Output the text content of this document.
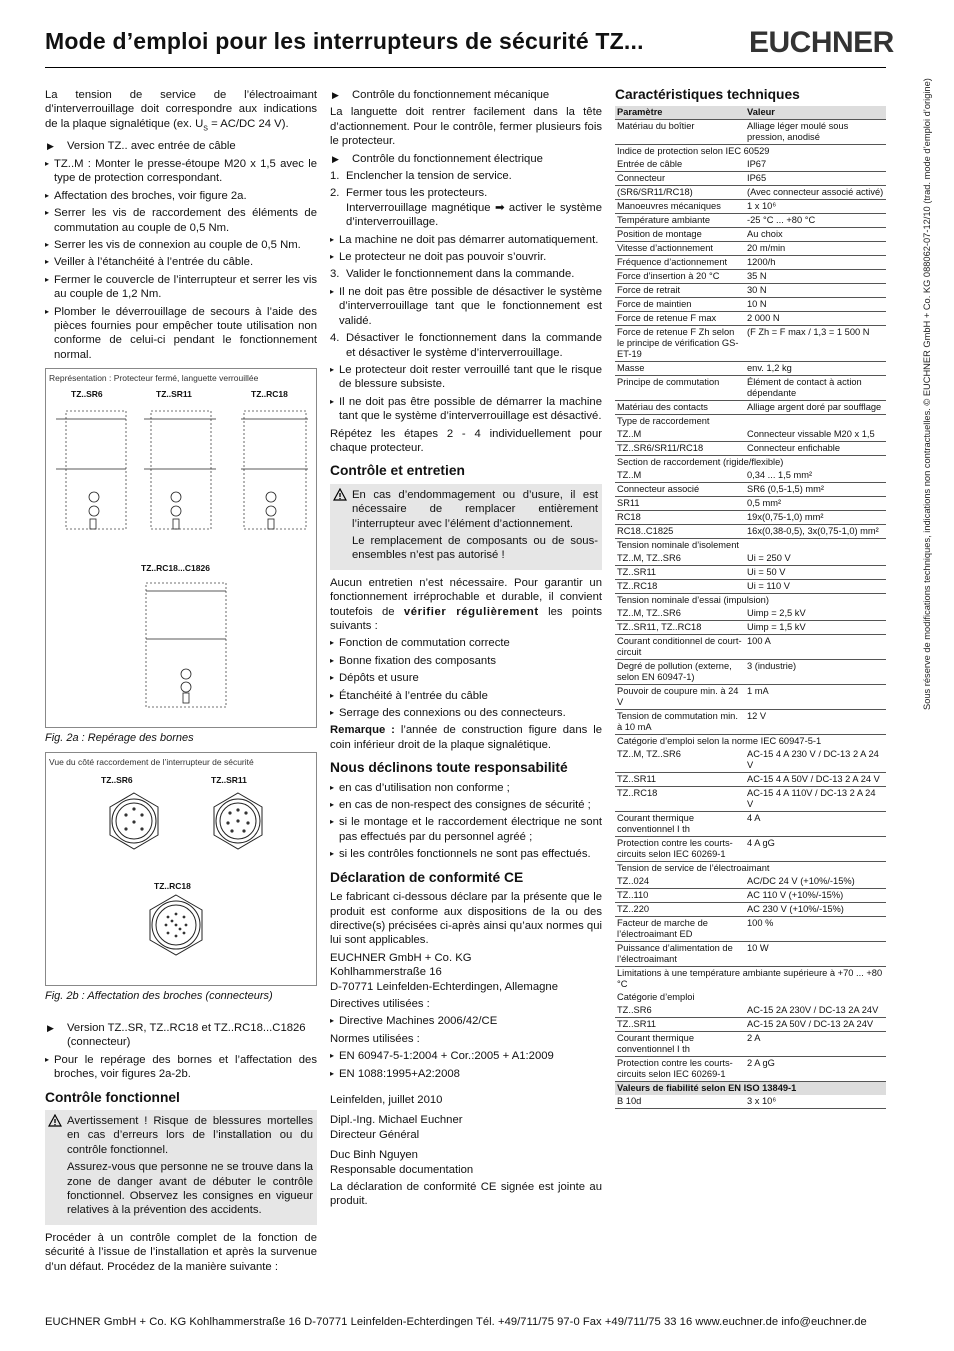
Mode d’emploi pour les interrupteurs de sécurité TZ...	EUCHNER
Sous réserve de modifications techniques, indications non contractuelles. © EUCHNER GmbH + Co. KG 088062-07-12/10 (trad. mode d’emploi d’origine)

La tension de service de l’électroaimant d’interverrouillage doit correspondre aux indications de la plaque signalétique (ex. $U_S = AC/DC$ 24 V).

▶ Version TZ.. avec entrée de câble
▸ TZ..M : Monter le presse-étoupe M20 x 1,5 avec le type de protection correspondant.
▸ Affectation des broches, voir figure 2a.
▸ Serrer les vis de raccordement des éléments de commutation au couple de 0,5 Nm.
▸ Serrer les vis de connexion au couple de 0,5 Nm.
▸ Veiller à l’étanchéité à l’entrée du câble.
▸ Fermer le couvercle de l’interrupteur et serrer les vis au couple de 1,2 Nm.
▸ Plomber le déverrouillage de secours à l’aide des pièces fournies pour empêcher toute utilisation non conforme de celui-ci pendant le fonctionnement normal.
Représentation : Protecteur fermé, languette verrouillée
TZ..SR6	TZ..SR11	TZ..RC18
TZ..RC18...C1826
Fig. 2a : Repérage des bornes
Vue du côté raccordement de l’interrupteur de sécurité
TZ..SR6	TZ..SR11
TZ..RC18
Fig. 2b : Affectation des broches (connecteurs)
▶ Version TZ..SR, TZ..RC18 et TZ..RC18...C1826 (connecteur)
▸ Pour le repérage des bornes et l’affectation des broches, voir figures 2a-2b.
Contrôle fonctionnel

Avertissement ! Risque de blessures mortelles en cas d’erreurs lors de l’installation ou du contrôle fonctionnel.

Assurez-vous que personne ne se trouve dans la zone de danger avant de débuter le contrôle fonctionnel. Observez les consignes en vigueur relatives à la prévention des accidents.

Procéder à un contrôle complet de la fonction de sécurité à l’issue de l’installation et après la survenue d’un défaut. Procédez de la manière suivante :

▶ Contrôle du fonctionnement mécanique

La languette doit rentrer facilement dans la tête d’actionnement. Pour le contrôle, fermer plusieurs fois le protecteur.

▶ Contrôle du fonctionnement électrique
1. Enclencher la tension de service.
2. Fermer tous les protecteurs.
Interverrouillage magnétique ➡ activer le système d’interverrouillage.
▸ La machine ne doit pas démarrer automatiquement.
▸ Le protecteur ne doit pas pouvoir s’ouvrir.
3. Valider le fonctionnement dans la commande.
▸ Il ne doit pas être possible de désactiver le système d’interverrouillage tant que le fonctionnement est validé.
4. Désactiver le fonctionnement dans la commande et désactiver le système d’interverrouillage.
▸ Le protecteur doit rester verrouillé tant que le risque de blessure subsiste.
▸ Il ne doit pas être possible de démarrer la machine tant que le système d’interverrouillage est désactivé.

Répétez les étapes 2 - 4 individuellement pour chaque protecteur.

Contrôle et entretien

En cas d’endommagement ou d’usure, il est nécessaire de remplacer entièrement l’interrupteur avec l’élément d’actionnement.

Le remplacement de composants ou de sous-ensembles n’est pas autorisé !

Aucun entretien n’est nécessaire. Pour garantir un fonctionnement irréprochable et durable, il convient toutefois de vérifier régulièrement les points suivants :

▸ Fonction de commutation correcte
▸ Bonne fixation des composants
▸ Dépôts et usure
▸ Étanchéité à l’entrée du câble
▸ Serrage des connexions ou des connecteurs.

Remarque : l’année de construction figure dans le coin inférieur droit de la plaque signalétique.

Nous déclinons toute responsabilité
▸ en cas d’utilisation non conforme ;
▸ en cas de non-respect des consignes de sécurité ;
▸ si le montage et le raccordement électrique ne sont pas effectués par du personnel agréé ;
▸ si les contrôles fonctionnels ne sont pas effectués.
Déclaration de conformité CE

Le fabricant ci-dessous déclare par la présente que le produit est conforme aux dispositions de la ou des directive(s) précisées ci-après ainsi qu’aux normes qui lui sont applicables.

EUCHNER GmbH + Co. KG
Kohlhammerstraße 16
D-70771 Leinfelden-Echterdingen, Allemagne
Directives utilisées :
▸ Directive Machines 2006/42/CE
Normes utilisées :
▸ EN 60947-5-1:2004 + Cor.:2005 + A1:2009
▸ EN 1088:1995+A2:2008
Leinfelden, juillet 2010
Dipl.-Ing. Michael Euchner
Directeur Général
Duc Binh Nguyen
Responsable documentation

La déclaration de conformité CE signée est jointe au produit.

Caractéristiques techniques
Paramètre	Valeur
Matériau du boîtier	Alliage léger moulé sous pression, anodisé
Indice de protection selon IEC 60529	
Entrée de câble	IP67
Connecteur	IP65
(SR6/SR11/RC18)	(Avec connecteur associé activé)
Manoeuvres mécaniques	1 x 10⁶
Température ambiante	-25 °C ... +80 °C
Position de montage	Au choix
Vitesse d’actionnement	20 m/min
Fréquence d’actionnement	1200/h
Force d’insertion à 20 °C	35 N
Force de retrait	30 N
Force de maintien	10 N
Force de retenue F max	2 000 N
Force de retenue F Zh selon le principe de vérification GS-ET-19	(F Zh = F max / 1,3 = 1 500 N
Masse	env. 1,2 kg
Principe de commutation	Élément de contact à action dépendante
Matériau des contacts	Alliage argent doré par soufflage
Type de raccordement	
TZ..M	Connecteur vissable M20 x 1,5
TZ..SR6/SR11/RC18	Connecteur enfichable
Section de raccordement (rigide/flexible)	
TZ..M	0,34 ... 1,5 mm²
Connecteur associé	SR6 (0,5-1,5) mm²
SR11	0,5 mm²
RC18	19x(0,75-1,0) mm²
RC18..C1825	16x(0,38-0,5), 3x(0,75-1,0) mm²
Tension nominale d’isolement	
TZ..M, TZ..SR6	Ui = 250 V
TZ..SR11	Ui = 50 V
TZ..RC18	Ui = 110 V
Tension nominale d’essai (impulsion)	
TZ..M, TZ..SR6	Uimp = 2,5 kV
TZ..SR11, TZ..RC18	Uimp = 1,5 kV
Courant conditionnel de court-circuit	100 A
Degré de pollution (externe, selon EN 60947-1)	3 (industrie)
Pouvoir de coupure min. à 24 V	1 mA
Tension de commutation min. à 10 mA	12 V
Catégorie d’emploi selon la norme IEC 60947-5-1	
TZ..M, TZ..SR6	AC-15 4 A 230 V / DC-13 2 A 24 V
TZ..SR11	AC-15 4 A 50V / DC-13 2 A 24 V
TZ..RC18	AC-15 4 A 110V / DC-13 2 A 24 V
Courant thermique conventionnel I th	4 A
Protection contre les courts-circuits selon IEC 60269-1	4 A gG
Tension de service de l’électroaimant	
TZ..024	AC/DC 24 V (+10%/-15%)
TZ..110	AC 110 V (+10%/-15%)
TZ..220	AC 230 V (+10%/-15%)
Facteur de marche de l’électroaimant ED	100 %
Puissance d’alimentation de l’électroaimant	10 W
Limitations à une température ambiante supérieure à +70 ... +80 °C	
Catégorie d’emploi	
TZ..SR6	AC-15 2A 230V / DC-13 2A 24V
TZ..SR11	AC-15 2A 50V / DC-13 2A 24V
Courant thermique conventionnel I th	2 A
Protection contre les courts-circuits selon IEC 60269-1	2 A gG
Valeurs de fiabilité selon EN ISO 13849-1	
B 10d	3 x 10⁶
EUCHNER GmbH + Co. KG Kohlhammerstraße 16 D-70771 Leinfelden-Echterdingen Tél. +49/711/75 97-0 Fax +49/711/75 33 16 www.euchner.de info@euchner.de
